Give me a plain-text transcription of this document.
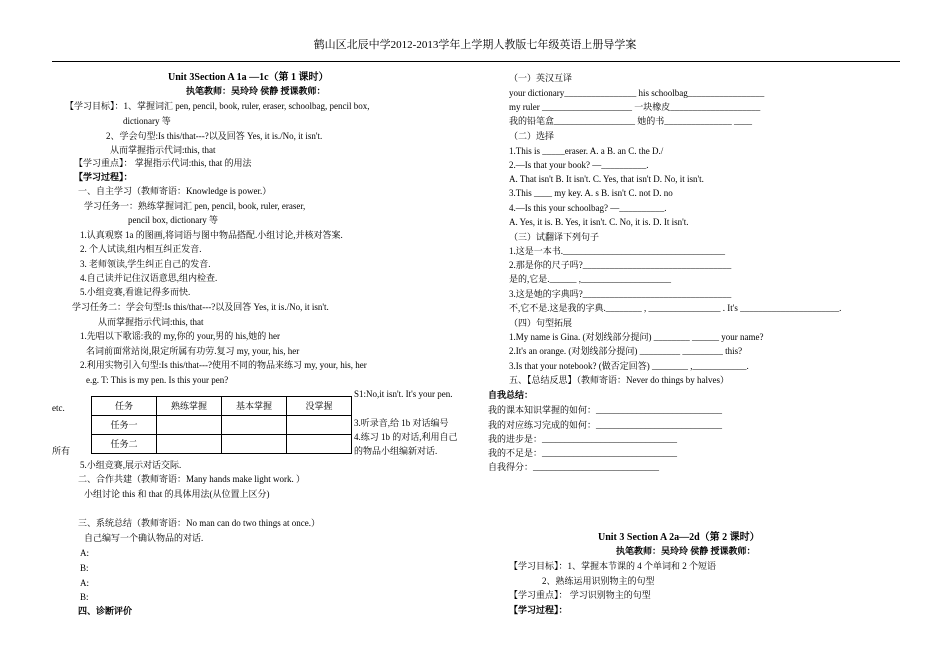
鹤山区北辰中学2012-2013学年上学期人教版七年级英语上册导学案
Unit 3Section A 1a —1c（第 1 课时）
执笔教师：吴玲玲 侯静 授课教师：
【学习目标】：1、掌握词汇 pen, pencil, book, ruler, eraser, schoolbag, pencil box,
dictionary 等
2、学会句型:Is this/that---?以及回答 Yes, it is./No, it isn't.
从而掌握指示代词:this, that
【学习重点】： 掌握指示代词:this, that 的用法
【学习过程】：
一、自主学习（教师寄语：Knowledge is power.）
学习任务一：熟练掌握词汇 pen, pencil, book, ruler, eraser,
pencil box, dictionary 等
1.认真观察 1a 的图画,将词语与图中物品搭配.小组讨论,并核对答案.
2. 个人试读,组内相互纠正发音.
3. 老师领读,学生纠正自己的发音.
4.自己读并记住汉语意思,组内检查.
5.小组竞赛,看谁记得多而快.
学习任务二：学会句型:Is this/that---?以及回答 Yes, it is./No, it isn't.
从而掌握指示代词:this, that
1.先唱以下歌谣:我的 my,你的 your,男的 his,她的 her
名词前面常站岗,限定所属有功劳.复习 my, your, his, her
2.利用实物引入句型:Is this/that---?使用不同的物品来练习 my, your, his, her
e.g. T: This is my pen. Is this your pen?
etc.
所有
任务	熟练掌握	基本掌握	没掌握
任务一			
任务二			
S1:No,it isn't. It's your pen.
3.听录音,给 1b 对话编号
4.练习 1b 的对话,利用自己
的物品小组编新对话.
5.小组竞赛,展示对话交际.
二、合作共建（教师寄语：Many hands make light work. ）
小组讨论 this 和 that 的具体用法(从位置上区分)
三、系统总结（教师寄语：No man can do two things at once.）
自己编写一个确认物品的对话.
A:
B:
A:
B:
四、诊断评价
（一）英汉互译
your dictionary________________ his schoolbag_________________
my ruler ____________________ 一块橡皮____________________
我的铅笔盒__________________ 她的书_______________ ____
（二）选择
1.This is _____eraser. A. a B. an C. the D./
2.—Is that your book? —__________.
A. That isn't B. It isn't. C. Yes, that isn't D. No, it isn't.
3.This ____ my key. A. s B. isn't C. not D. no
4.—Is this your schoolbag? —__________.
A. Yes, it is. B. Yes, it isn't. C. No, it is. D. It isn't.
（三）试翻译下列句子
1.这是一本书.____________________________________
2.那是你的尺子吗?_________________________________
是的,它是.______ ,____________________
3.这是她的字典吗?_________________________________
不,它不是.这是我的字典.________ , ________________ . It's ______________________.
（四）句型拓展
1.My name is Gina. (对划线部分提问) ________ ______ your name?
2.It's an orange. (对划线部分提问) _________ _________ this?
3.Is that your notebook? (做否定回答) ________ ,____________.
五、【总结反思】（教师寄语：Never do things by halves）
自我总结：
我的课本知识掌握的如何：____________________________
我的对应练习完成的如何：____________________________
我的进步是：______________________________
我的不足是：______________________________
自我得分：____________________________
Unit 3 Section A 2a—2d（第 2 课时）
执笔教师：吴玲玲 侯静 授课教师：
【学习目标】：1、掌握本节课的 4 个单词和 2 个短语
2、熟练运用识别物主的句型
【学习重点】： 学习识别物主的句型
【学习过程】：
